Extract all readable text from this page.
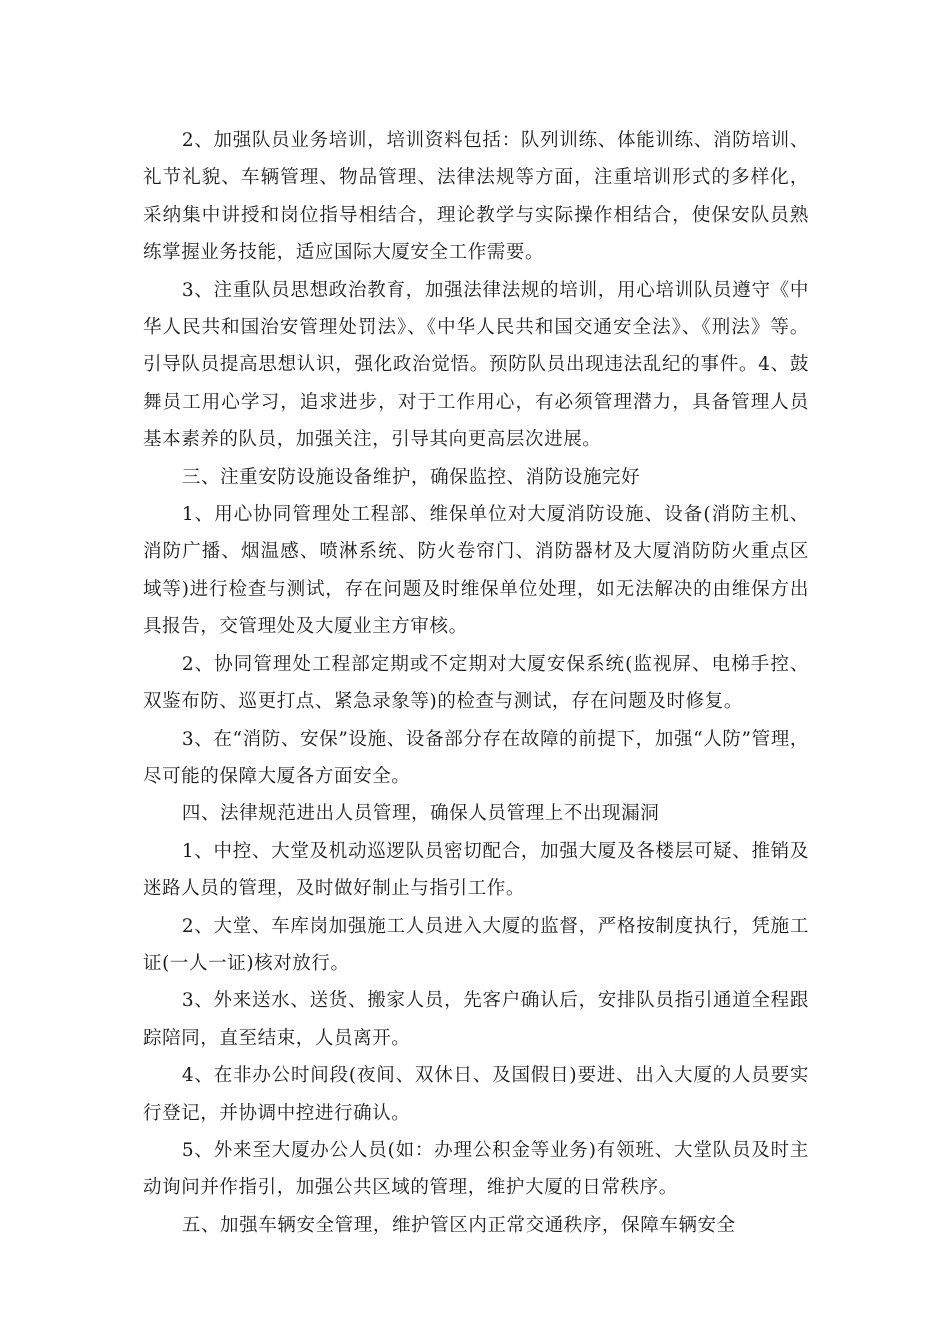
2、加强队员业务培训，培训资料包括：队列训练、体能训练、消防培训、礼节礼貌、车辆管理、物品管理、法律法规等方面，注重培训形式的多样化，采纳集中讲授和岗位指导相结合，理论教学与实际操作相结合，使保安队员熟练掌握业务技能，适应国际大厦安全工作需要。

3、注重队员思想政治教育，加强法律法规的培训，用心培训队员遵守《中华人民共和国治安管理处罚法》、《中华人民共和国交通安全法》、《刑法》等。引导队员提高思想认识，强化政治觉悟。预防队员出现违法乱纪的事件。4、鼓舞员工用心学习，追求进步，对于工作用心，有必须管理潜力，具备管理人员基本素养的队员，加强关注，引导其向更高层次进展。

三、注重安防设施设备维护，确保监控、消防设施完好

1、用心协同管理处工程部、维保单位对大厦消防设施、设备(消防主机、消防广播、烟温感、喷淋系统、防火卷帘门、消防器材及大厦消防防火重点区域等)进行检查与测试，存在问题及时维保单位处理，如无法解决的由维保方出具报告，交管理处及大厦业主方审核。

2、协同管理处工程部定期或不定期对大厦安保系统(监视屏、电梯手控、双鉴布防、巡更打点、紧急录象等)的检查与测试，存在问题及时修复。

3、在“消防、安保”设施、设备部分存在故障的前提下，加强“人防”管理，尽可能的保障大厦各方面安全。

四、法律规范进出人员管理，确保人员管理上不出现漏洞

1、中控、大堂及机动巡逻队员密切配合，加强大厦及各楼层可疑、推销及迷路人员的管理，及时做好制止与指引工作。

2、大堂、车库岗加强施工人员进入大厦的监督，严格按制度执行，凭施工证(一人一证)核对放行。

3、外来送水、送货、搬家人员，先客户确认后，安排队员指引通道全程跟踪陪同，直至结束，人员离开。

4、在非办公时间段(夜间、双休日、及国假日)要进、出入大厦的人员要实行登记，并协调中控进行确认。

5、外来至大厦办公人员(如：办理公积金等业务)有领班、大堂队员及时主动询问并作指引，加强公共区域的管理，维护大厦的日常秩序。

五、加强车辆安全管理，维护管区内正常交通秩序，保障车辆安全
